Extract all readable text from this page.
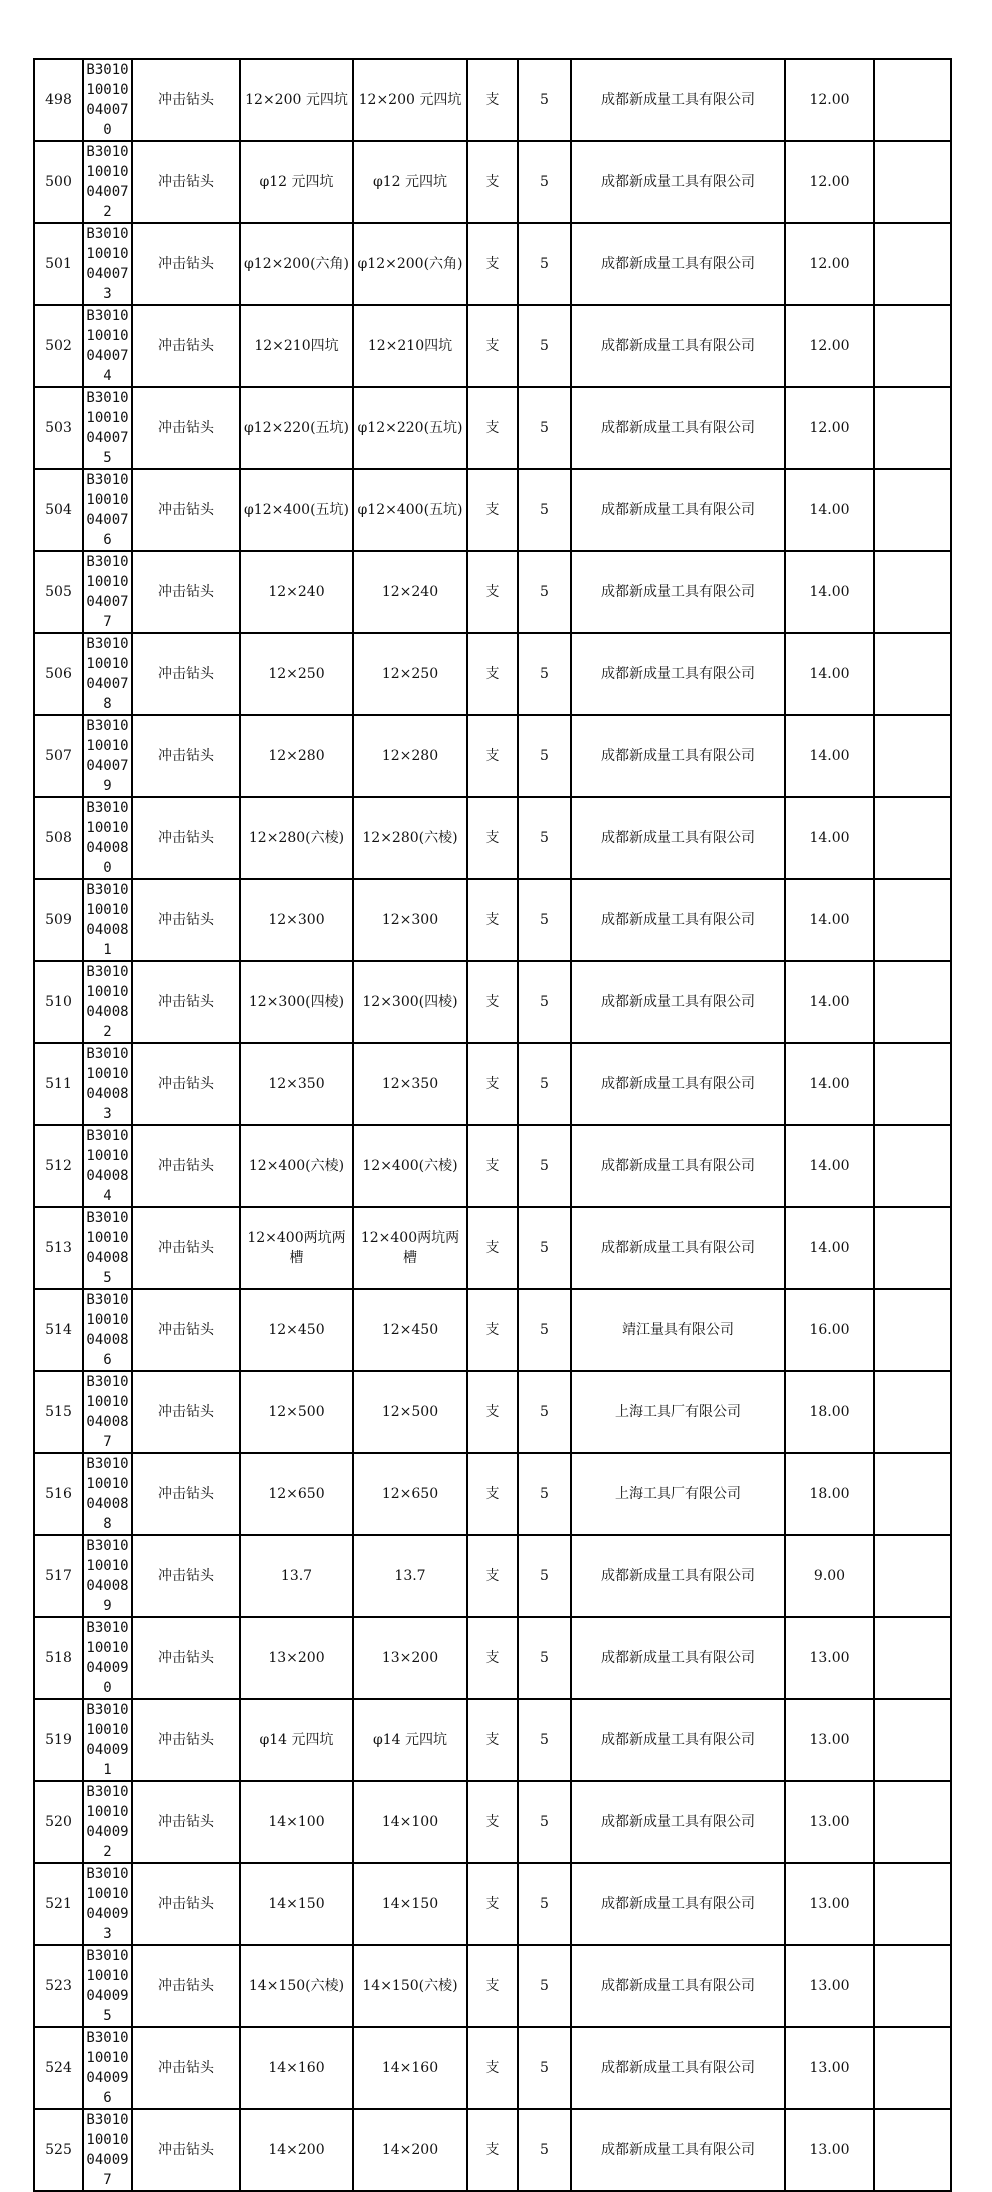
498	B301010010040070	冲击钻头	12×200 元四坑	12×200 元四坑	支	5	成都新成量工具有限公司	12.00	
500	B301010010040072	冲击钻头	φ12 元四坑	φ12 元四坑	支	5	成都新成量工具有限公司	12.00	
501	B301010010040073	冲击钻头	φ12×200(六角)	φ12×200(六角)	支	5	成都新成量工具有限公司	12.00	
502	B301010010040074	冲击钻头	12×210四坑	12×210四坑	支	5	成都新成量工具有限公司	12.00	
503	B301010010040075	冲击钻头	φ12×220(五坑)	φ12×220(五坑)	支	5	成都新成量工具有限公司	12.00	
504	B301010010040076	冲击钻头	φ12×400(五坑)	φ12×400(五坑)	支	5	成都新成量工具有限公司	14.00	
505	B301010010040077	冲击钻头	12×240	12×240	支	5	成都新成量工具有限公司	14.00	
506	B301010010040078	冲击钻头	12×250	12×250	支	5	成都新成量工具有限公司	14.00	
507	B301010010040079	冲击钻头	12×280	12×280	支	5	成都新成量工具有限公司	14.00	
508	B301010010040080	冲击钻头	12×280(六棱)	12×280(六棱)	支	5	成都新成量工具有限公司	14.00	
509	B301010010040081	冲击钻头	12×300	12×300	支	5	成都新成量工具有限公司	14.00	
510	B301010010040082	冲击钻头	12×300(四棱)	12×300(四棱)	支	5	成都新成量工具有限公司	14.00	
511	B301010010040083	冲击钻头	12×350	12×350	支	5	成都新成量工具有限公司	14.00	
512	B301010010040084	冲击钻头	12×400(六棱)	12×400(六棱)	支	5	成都新成量工具有限公司	14.00	
513	B301010010040085	冲击钻头	12×400两坑两槽	12×400两坑两槽	支	5	成都新成量工具有限公司	14.00	
514	B301010010040086	冲击钻头	12×450	12×450	支	5	靖江量具有限公司	16.00	
515	B301010010040087	冲击钻头	12×500	12×500	支	5	上海工具厂有限公司	18.00	
516	B301010010040088	冲击钻头	12×650	12×650	支	5	上海工具厂有限公司	18.00	
517	B301010010040089	冲击钻头	13.7	13.7	支	5	成都新成量工具有限公司	9.00	
518	B301010010040090	冲击钻头	13×200	13×200	支	5	成都新成量工具有限公司	13.00	
519	B301010010040091	冲击钻头	φ14 元四坑	φ14 元四坑	支	5	成都新成量工具有限公司	13.00	
520	B301010010040092	冲击钻头	14×100	14×100	支	5	成都新成量工具有限公司	13.00	
521	B301010010040093	冲击钻头	14×150	14×150	支	5	成都新成量工具有限公司	13.00	
523	B301010010040095	冲击钻头	14×150(六棱)	14×150(六棱)	支	5	成都新成量工具有限公司	13.00	
524	B301010010040096	冲击钻头	14×160	14×160	支	5	成都新成量工具有限公司	13.00	
525	B301010010040097	冲击钻头	14×200	14×200	支	5	成都新成量工具有限公司	13.00	
